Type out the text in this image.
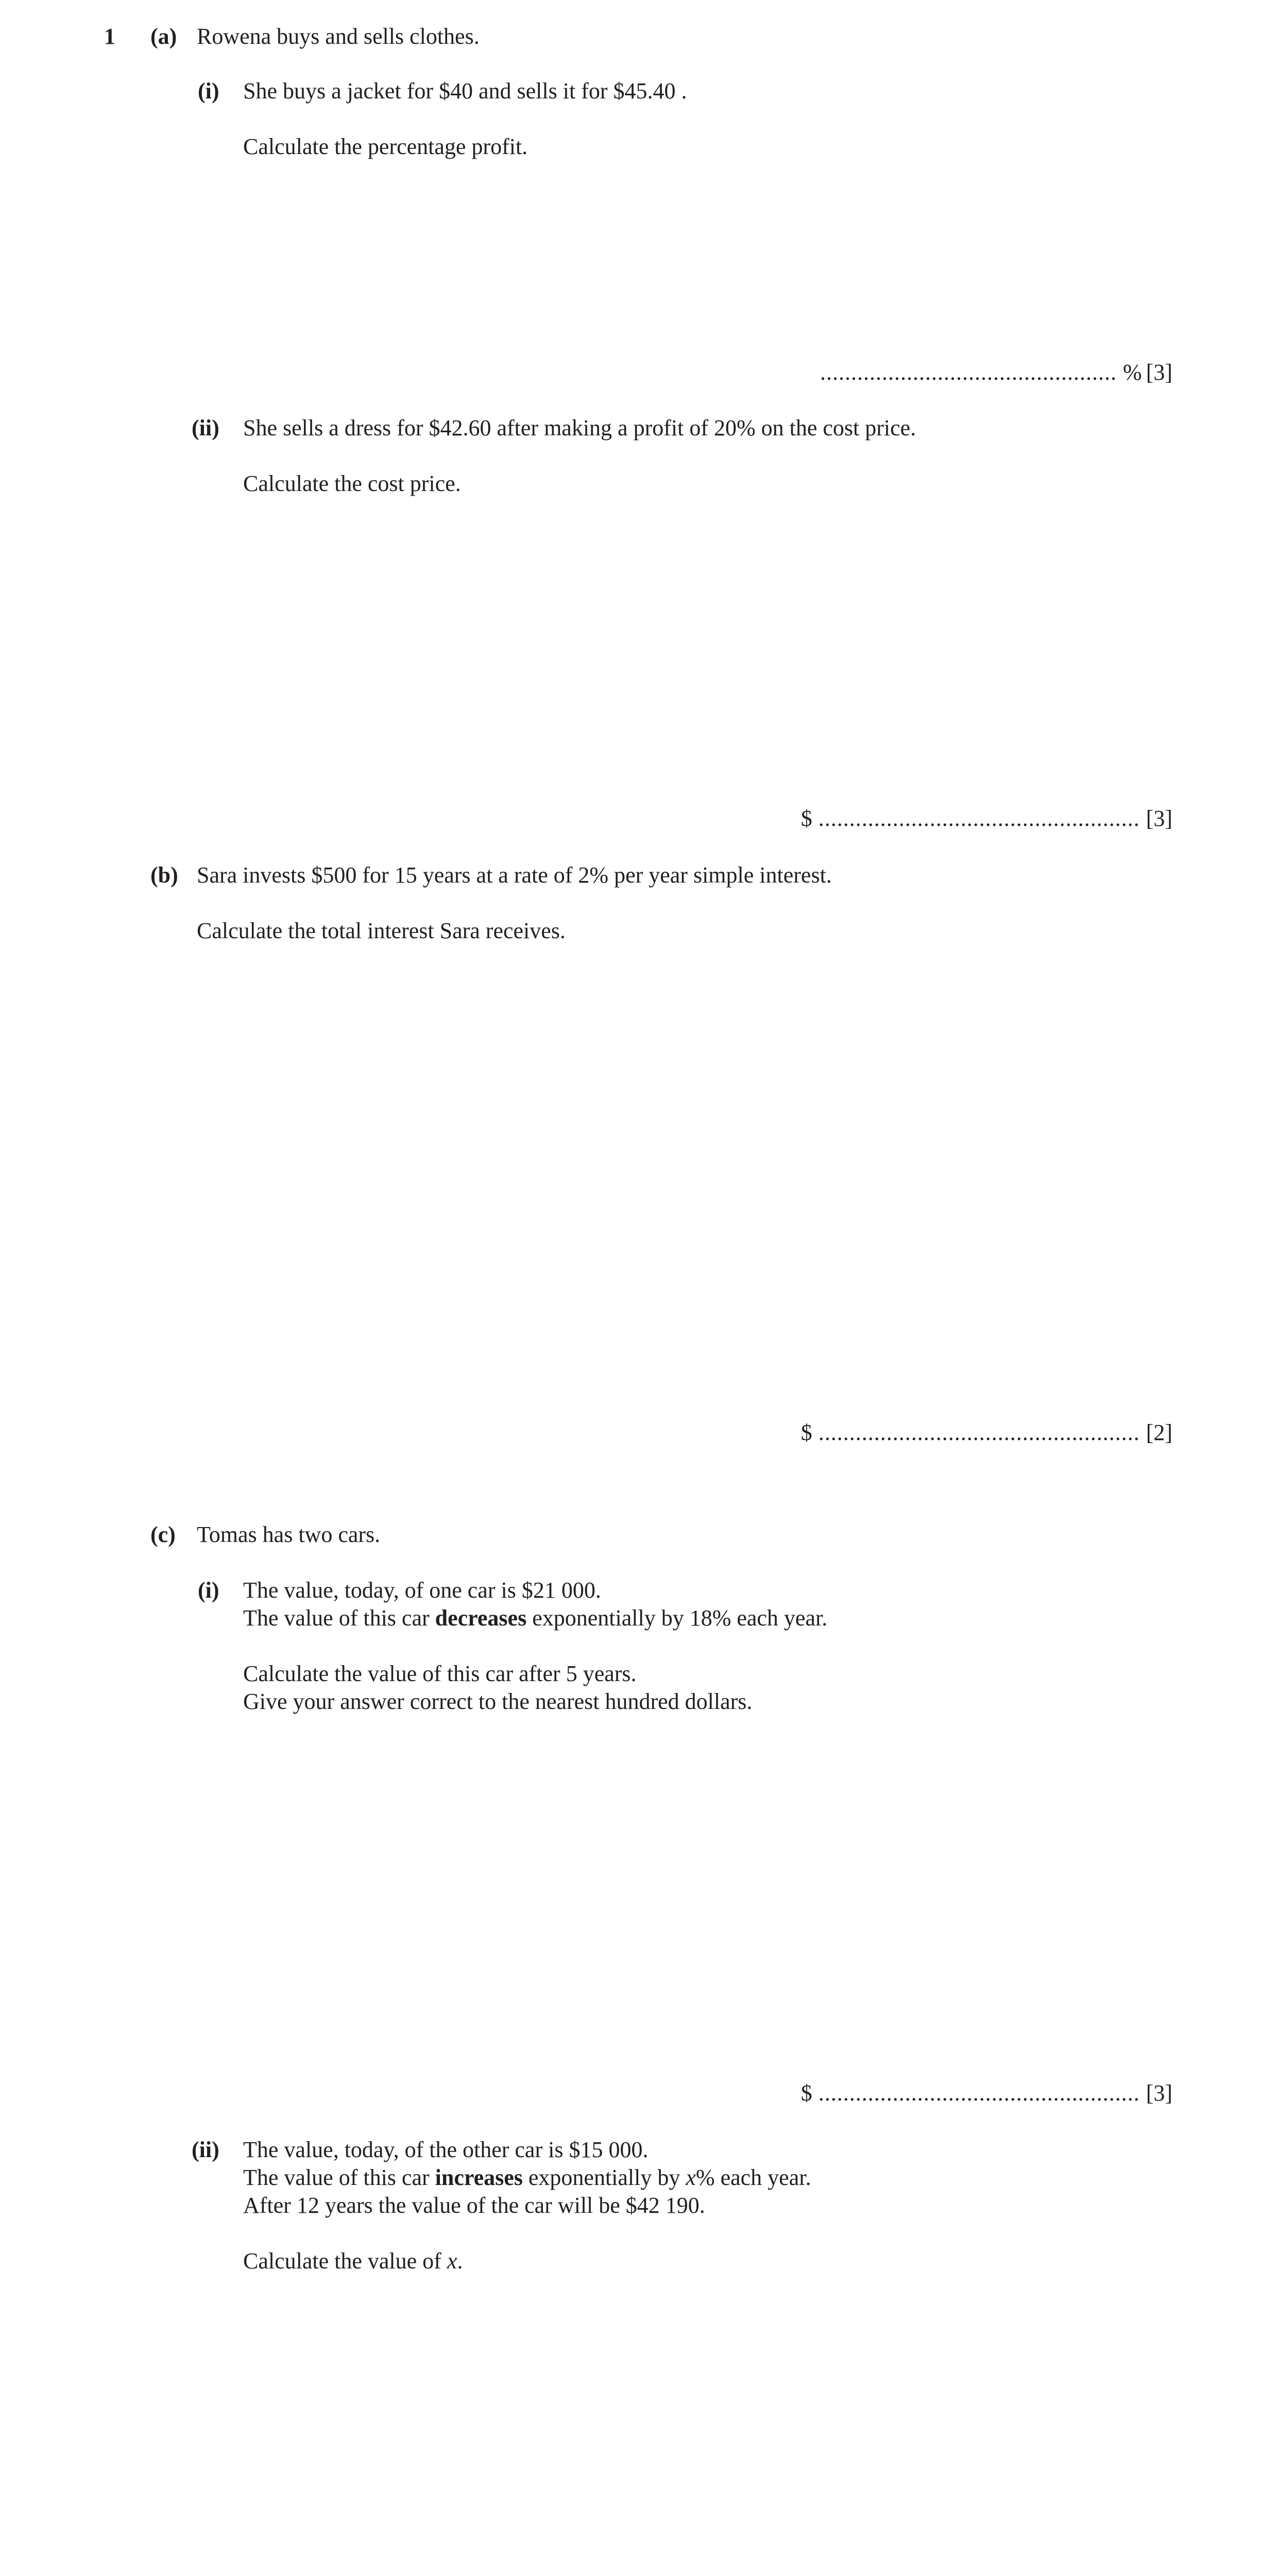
1 (a) Rowena buys and sells clothes.
(i) She buys a jacket for $40 and sells it for $45.40 .
Calculate the percentage profit.
................................................ % [3]
(ii) She sells a dress for $42.60 after making a profit of 20% on the cost price.
Calculate the cost price.
$ .................................................... [3]
(b) Sara invests $500 for 15 years at a rate of 2% per year simple interest.
Calculate the total interest Sara receives.
$ .................................................... [2]
(c) Tomas has two cars.
(i) The value, today, of one car is $21 000.
The value of this car decreases exponentially by 18% each year.
Calculate the value of this car after 5 years.
Give your answer correct to the nearest hundred dollars.
$ .................................................... [3]
(ii) The value, today, of the other car is $15 000.
The value of this car increases exponentially by x% each year.
After 12 years the value of the car will be $42 190.
Calculate the value of x.
